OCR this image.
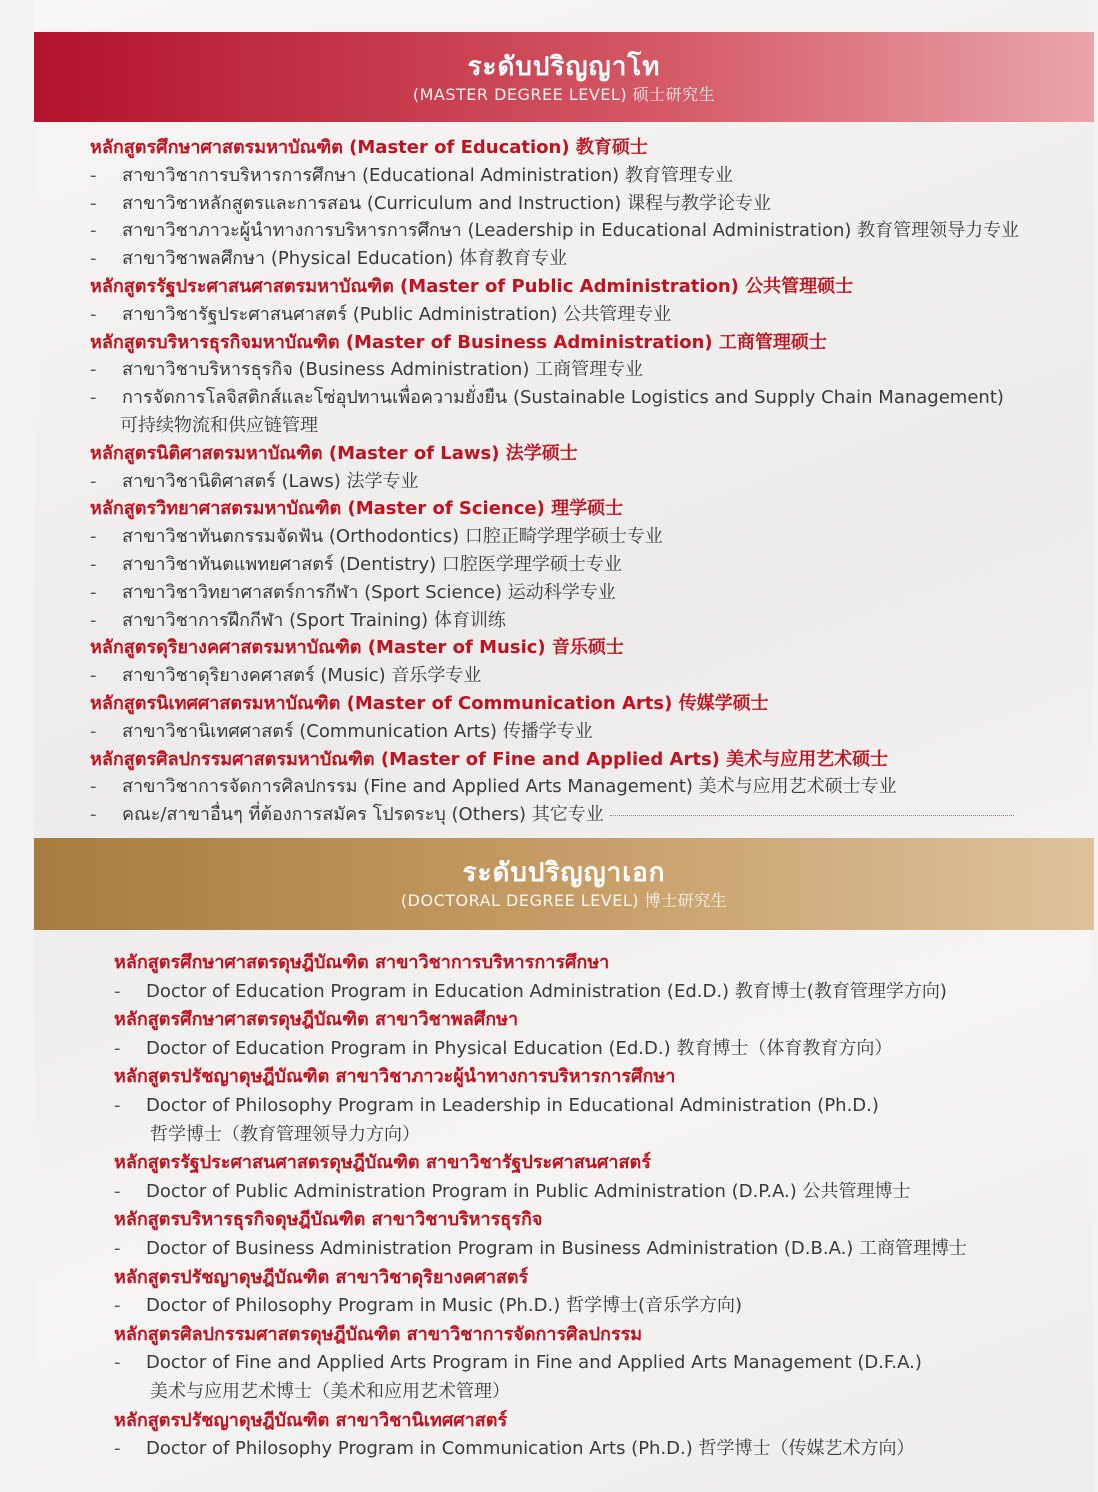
ระดับปริญญาโท
(MASTER DEGREE LEVEL) 硕士研究生
หลักสูตรศึกษาศาสตรมหาบัณฑิต (Master of Education) 教育硕士
- สาขาวิชาการบริหารการศึกษา (Educational Administration) 教育管理专业
- สาขาวิชาหลักสูตรและการสอน (Curriculum and Instruction) 课程与教学论专业
- สาขาวิชาภาวะผู้นำทางการบริหารการศึกษา (Leadership in Educational Administration) 教育管理领导力专业
- สาขาวิชาพลศึกษา (Physical Education) 体育教育专业
หลักสูตรรัฐประศาสนศาสตรมหาบัณฑิต (Master of Public Administration) 公共管理硕士
- สาขาวิชารัฐประศาสนศาสตร์ (Public Administration) 公共管理专业
หลักสูตรบริหารธุรกิจมหาบัณฑิต (Master of Business Administration) 工商管理硕士
- สาขาวิชาบริหารธุรกิจ (Business Administration) 工商管理专业
- การจัดการโลจิสติกส์และโซ่อุปทานเพื่อความยั่งยืน (Sustainable Logistics and Supply Chain Management)
可持续物流和供应链管理
หลักสูตรนิติศาสตรมหาบัณฑิต (Master of Laws) 法学硕士
- สาขาวิชานิติศาสตร์ (Laws) 法学专业
หลักสูตรวิทยาศาสตรมหาบัณฑิต (Master of Science) 理学硕士
- สาขาวิชาทันตกรรมจัดฟัน (Orthodontics) 口腔正畸学理学硕士专业
- สาขาวิชาทันตแพทยศาสตร์ (Dentistry) 口腔医学理学硕士专业
- สาขาวิชาวิทยาศาสตร์การกีฬา (Sport Science) 运动科学专业
- สาขาวิชาการฝึกกีฬา (Sport Training) 体育训练
หลักสูตรดุริยางคศาสตรมหาบัณฑิต (Master of Music) 音乐硕士
- สาขาวิชาดุริยางคศาสตร์ (Music) 音乐学专业
หลักสูตรนิเทศศาสตรมหาบัณฑิต (Master of Communication Arts) 传媒学硕士
- สาขาวิชานิเทศศาสตร์ (Communication Arts) 传播学专业
หลักสูตรศิลปกรรมศาสตรมหาบัณฑิต (Master of Fine and Applied Arts) 美术与应用艺术硕士
- สาขาวิชาการจัดการศิลปกรรม (Fine and Applied Arts Management) 美术与应用艺术硕士专业
- คณะ/สาขาอื่นๆ ที่ต้องการสมัคร โปรดระบุ (Others) 其它专业
ระดับปริญญาเอก
(DOCTORAL DEGREE LEVEL) 博士研究生
หลักสูตรศึกษาศาสตรดุษฎีบัณฑิต สาขาวิชาการบริหารการศึกษา
- Doctor of Education Program in Education Administration (Ed.D.) 教育博士(教育管理学方向)
หลักสูตรศึกษาศาสตรดุษฎีบัณฑิต สาขาวิชาพลศึกษา
- Doctor of Education Program in Physical Education (Ed.D.) 教育博士（体育教育方向）
หลักสูตรปรัชญาดุษฎีบัณฑิต สาขาวิชาภาวะผู้นำทางการบริหารการศึกษา
- Doctor of Philosophy Program in Leadership in Educational Administration (Ph.D.)
哲学博士（教育管理领导力方向）
หลักสูตรรัฐประศาสนศาสตรดุษฎีบัณฑิต สาขาวิชารัฐประศาสนศาสตร์
- Doctor of Public Administration Program in Public Administration (D.P.A.) 公共管理博士
หลักสูตรบริหารธุรกิจดุษฎีบัณฑิต สาขาวิชาบริหารธุรกิจ
- Doctor of Business Administration Program in Business Administration (D.B.A.) 工商管理博士
หลักสูตรปรัชญาดุษฎีบัณฑิต สาขาวิชาดุริยางคศาสตร์
- Doctor of Philosophy Program in Music (Ph.D.) 哲学博士(音乐学方向)
หลักสูตรศิลปกรรมศาสตรดุษฎีบัณฑิต สาขาวิชาการจัดการศิลปกรรม
- Doctor of Fine and Applied Arts Program in Fine and Applied Arts Management (D.F.A.)
美术与应用艺术博士（美术和应用艺术管理）
หลักสูตรปรัชญาดุษฎีบัณฑิต สาขาวิชานิเทศศาสตร์
- Doctor of Philosophy Program in Communication Arts (Ph.D.) 哲学博士（传媒艺术方向）
